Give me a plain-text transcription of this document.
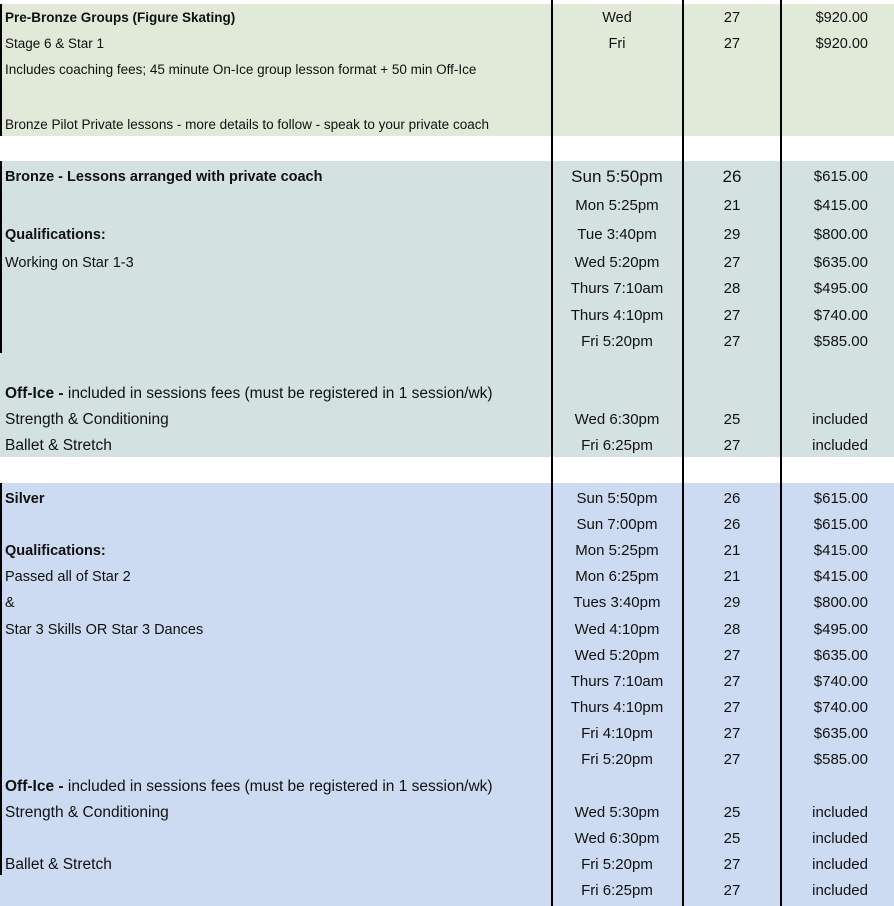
Pre-Bronze Groups (Figure Skating)	Wed	27	$920.00
Stage 6 & Star 1	Fri	27	$920.00
Includes coaching fees; 45 minute On-Ice group lesson format + 50 min Off-Ice
Bronze Pilot Private lessons - more details to follow - speak to your private coach
Bronze - Lessons arranged with private coach	Sun 5:50pm	26	$615.00
Mon 5:25pm	21	$415.00
Qualifications:	Tue 3:40pm	29	$800.00
Working on Star 1-3	Wed 5:20pm	27	$635.00
Thurs 7:10am	28	$495.00
Thurs 4:10pm	27	$740.00
Fri 5:20pm	27	$585.00
Off-Ice - included in sessions fees (must be registered in 1 session/wk)
Strength & Conditioning	Wed 6:30pm	25	included
Ballet & Stretch	Fri 6:25pm	27	included
Silver	Sun 5:50pm	26	$615.00
Sun 7:00pm	26	$615.00
Qualifications:	Mon 5:25pm	21	$415.00
Passed all of Star 2	Mon 6:25pm	21	$415.00
&	Tues 3:40pm	29	$800.00
Star 3 Skills OR Star 3 Dances	Wed 4:10pm	28	$495.00
Wed 5:20pm	27	$635.00
Thurs 7:10am	27	$740.00
Thurs 4:10pm	27	$740.00
Fri 4:10pm	27	$635.00
Fri 5:20pm	27	$585.00
Off-Ice - included in sessions fees (must be registered in 1 session/wk)
Strength & Conditioning	Wed 5:30pm	25	included
Wed 6:30pm	25	included
Ballet & Stretch	Fri 5:20pm	27	included
Fri 6:25pm	27	included
